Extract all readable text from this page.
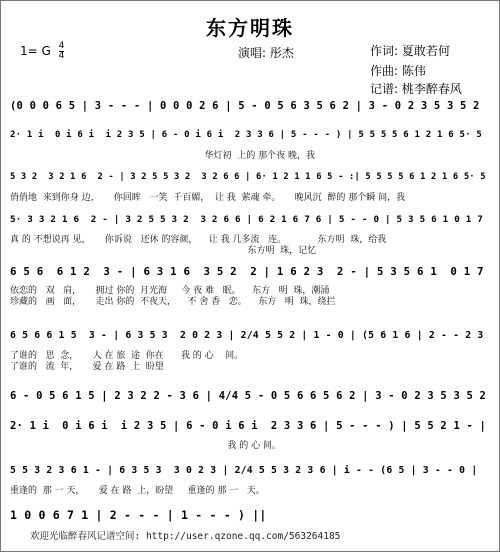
东方明珠
1= G $\frac{4}{4}$	演唱: 彤杰	作词: 夏敢若何
作曲: 陈伟
记谱: 桃李醉春风
(0 0 0 6 5 | 3 - - - | 0 0 0 2 6 | 5 - 0 5 6 3 5 6 2 | 3 - 0 2 3 5 3 5 2
2· 1 i  0 i 6 i  i 2 3 5 | 6 - 0 i 6 i  2 3 3 6 | 5 - - - ) | 5 5 5 5 6 1 2 1 6 5· 5
华灯初  上的 那个夜 晚，我
5 3 2  3 2 1 6  2 - | 3 2 5 5 3 2  3 2 6 6 | 6· 1 2 1 1 6 5 - :| 5 5 5 5 6 1 2 1 6 5· 5
俏俏地  来到你身 边，     你回眸   一笑  千百媚，  让 我  萦魂 牵。     晚风沉  醉的 那个瞬 间，我
5· 3 3 2 1 6  2 - | 3 2 5 5 3 2  3 2 6 6 | 6 2 1 6 7 6 | 5 - - 0 | 5 3 5 6 1 0 1 7
真 的 不想说再 见，     你诉说   还休 的容颜，    让 我 几多流   连。           东方明  珠，给我
东方明  珠，记忆
6 5 6  6 1 2  3 - | 6 3 1 6  3 5 2  2 | 1 6 2 3  2 - | 5 3 5 6 1  0 1 7
依恋的   双   肩，     拥过 你的  月光海     今 夜 难   眠。    东方   明  珠，潮涌
珍藏的   画   面，     走出 你的  不夜天，    不 舍 香   恋。    东方   明  珠，绕拦
6 5 6 6 1 5  3 - | 6 3 5 3  2 0 2 3 | 2/4 5 5 2 | 1 - 0 | (5 6 1 6 | 2 - - 2 3
了谁的   思  念，     人 在 旅  途  你在      我 的 心    间。
了谁的   流  年，     爱 在 路  上  盼望
6 - 0 5 6 1 5 | 2 3 2 2 - 3 6 | 4/4 5 - 0 5 6 6 5 6 2 | 3 - 0 2 3 5 3 5 2
2· 1 i  0 i 6 i  i 2 3 5 | 6 - 0 i 6 i  2 3 3 6 | 5 - - - ) | 5 5 2 1 - |
我 的 心 间。
5 5 3 2 3 6 1 - | 6 3 5 3  3 0 2 3 | 2/4 5 5 3 2 3 6 | i - - (6 5 | 3 - - 0 |
重逢的  那 一 天，     爱 在 路  上，盼望     重逢的 那 一   天。
1 0 0 6 7 1 | 2 - - - | 1 - - - ) ||
欢迎光临醉春风记谱空间: http://user.qzone.qq.com/563264185
